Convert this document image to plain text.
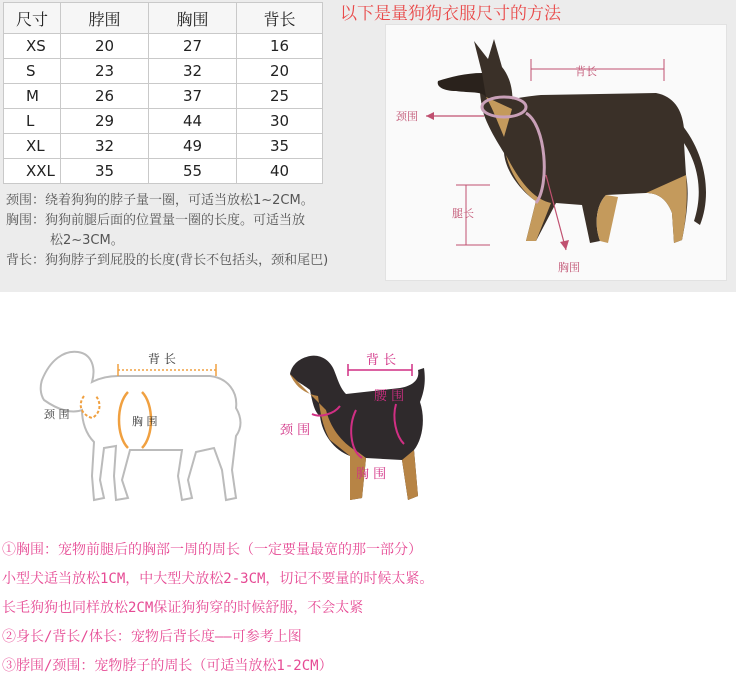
尺寸	脖围	胸围	背长
XS	20	27	16
S	23	32	20
M	26	37	25
L	29	44	30
XL	32	49	35
XXL	35	55	40
颈围：绕着狗狗的脖子量一圈，可适当放松1~2CM。
胸围：狗狗前腿后面的位置量一圈的长度。可适当放
松2~3CM。
背长：狗狗脖子到屁股的长度(背长不包括头，颈和尾巴)
以下是量狗狗衣服尺寸的方法
背长
颈围
腿长
胸围
背 长
颈 围
胸 围
背 长
腰 围
颈 围
胸 围
①胸围：宠物前腿后的胸部一周的周长（一定要量最宽的那一部分）
小型犬适当放松1CM，中大型犬放松2-3CM，切记不要量的时候太紧。
长毛狗狗也同样放松2CM保证狗狗穿的时候舒服，不会太紧
②身长/背长/体长：宠物后背长度——可参考上图
③脖围/颈围：宠物脖子的周长（可适当放松1-2CM）
